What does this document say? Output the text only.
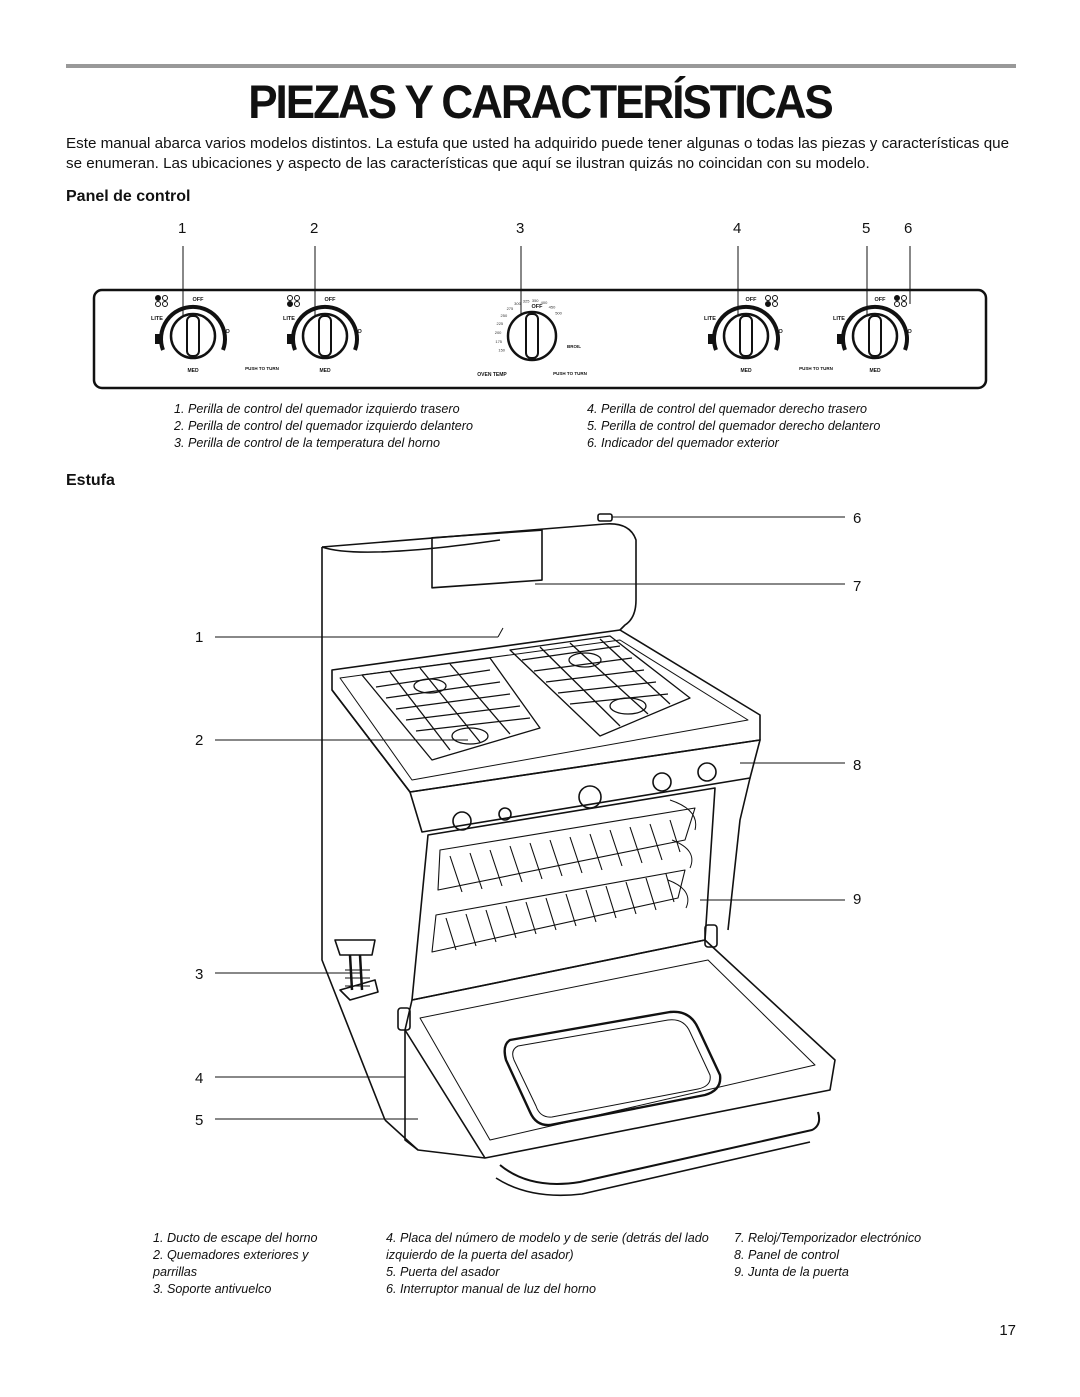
PIEZAS Y CARACTERÍSTICAS
Este manual abarca varios modelos distintos. La estufa que usted ha adquirido puede tener algunas o todas las piezas y características que se enumeran. Las ubicaciones y aspecto de las características que aquí se ilustran quizás no coincidan con su modelo.
Panel de control
1	2	3	4	5 6
OFF
LITE
LO
MED
OFF
LITE
LO
MED
OFF
LITE
LO
MED
OFF
LITE
LO
MED
PUSH TO TURN
PUSH TO TURN
PUSH TO TURN
OFF
OVEN TEMP
BROIL
150
175
200
225
250
275
300
325 350 400
450
500
1. Perilla de control del quemador izquierdo trasero
2. Perilla de control del quemador izquierdo delantero
3. Perilla de control de la temperatura del horno
4. Perilla de control del quemador derecho trasero
5. Perilla de control del quemador derecho delantero
6. Indicador del quemador exterior
Estufa
1
2
3
4
5
6
7
8
9
1. Ducto de escape del horno
2. Quemadores exteriores y parrillas
3. Soporte antivuelco
4. Placa del número de modelo y de serie (detrás del lado izquierdo de la puerta del asador)
5. Puerta del asador
6. Interruptor manual de luz del horno
7. Reloj/Temporizador electrónico
8. Panel de control
9. Junta de la puerta
17
